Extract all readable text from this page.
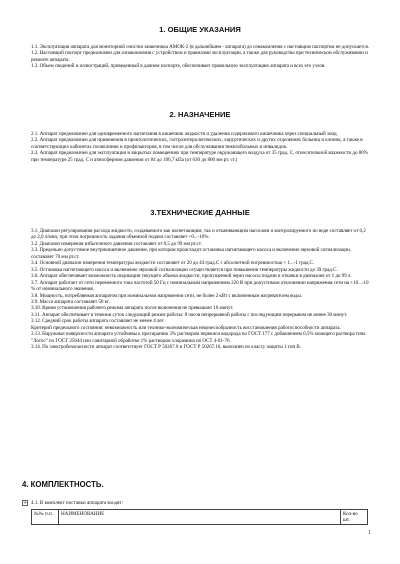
1. ОБЩИЕ УКАЗАНИЯ

1.1. Эксплуатация аппарата для мониторной очистки кишечника АМОК-2 (в дальнейшем - аппарата) до ознакомления с настоящим паспортом не допускается.

1.2. Настоящий паспорт предназначен для ознакомления с устройством и правилами эксплуатации, а также для руководства при техническом обслуживании и ремонте аппарата.

1.3. Объем сведений и иллюстраций, приведенный в данном паспорте, обеспечивает правильную эксплуатацию аппарата и всех его узлов.

2. НАЗНАЧЕНИЕ

2.1. Аппарат предназначен для одновременного нагнетания в кишечник жидкости и удаления содержимого кишечника через специальный зонд.

2.2. Аппарат предназначен для применения в проктологических, гастроэнтерологических, хирургических и других отделениях больниц и клиник, а также в соответствующих кабинетах поликлиник и профилактория, в том числе для обслуживания тяжелобольных и инвалидов.

2.3. Аппарат предназначен для эксплуатации в закрытых помещениях при температуре окружающего воздуха от 35 град. С, относительной влажности до 80% при температуре 25 град. С и атмосферном давлении от 84 до 106,7 кПа (от 630 до 800 мм рт. ст.)

3.ТЕХНИЧЕСКИЕ ДАННЫЕ

3.1. Диапазон регулирования расхода жидкости, создаваемого как нагнетающим, так и откачивающим насосами и контролируемого по воде составляет от 0,2 до 2,0 л/мин, при этом погрешность задания объемной подачи составляет +0...-10%.

3.2. Диапазон измерения избыточного давления составляет от 0,5 до 99 мм рт.ст.

3.3. Предельно допустимое внутрикишечное давление, при котором происходит остановка нагнетающего насоса и включение звуковой сигнализации, составляет 70 мм рт.ст.

3.4. Основной диапазон измерения температуры жидкости составляет от 20 до 44 град.С с абсолютной погрешностью + 1...-1 град.С.

3.5. Остановка нагнетающего насоса и включение звуковой сигнализации осуществляется при повышении температуры жидкости до 39 град.С.

3.6. Аппарат обеспечивает возможность индикации текущего объема жидкости, пропущенной через насосы подачи и откачки в диапазоне от 1 до 99 л.

3.7. Аппарат работает от сети переменного тока частотой 50 Гц с номинальным напряжением 220 В при допустимом отклонении напряжения сети на +10...-10 % от номинального значения.

3.8. Мощность, потребляемая аппаратом при номинальном напряжении сети, не более 2 кВт с включенным нагревателем воды.

3.9. Масса аппарата составляет 50 кг.

3.10. Время установления рабочего режима аппарата после включения не превышает 10 минут.

3.11. Аппарат обеспечивает в течении суток следующий режим работы: 8 часов непрерывной работы с последующим перерывом не менее 30 минут.

3.12. Средний срок работы аппарата составляет не менее 4 лет.

Критерий предельного состояния: невозможность или технико-экономическая нецелесообразность восстановления работоспособности аппарата.

3.13. Наружные поверхности аппарата устойчивы к протиранию 3% раствором перекиси водорода по ГОСТ 177 с добавлением 0,5% моющего раствора типа "Лотос" по ГОСТ 25644 или санитарной обработке 1% раствором хлорамина по ОСТ 4-01-76.

3.14. По электробезопасности аппарат соответствует ГОСТ Р 50267.0 и ГОСТ Р 50267.16, выполнен по классу защиты 1 тип В.

4. КОМПЛЕКТНОСТЬ.
+ 4.1. В комплект поставки аппарата входят:
№№ п.п.	НАИМЕНОВАНИЕ	Кол-во шт.
1
